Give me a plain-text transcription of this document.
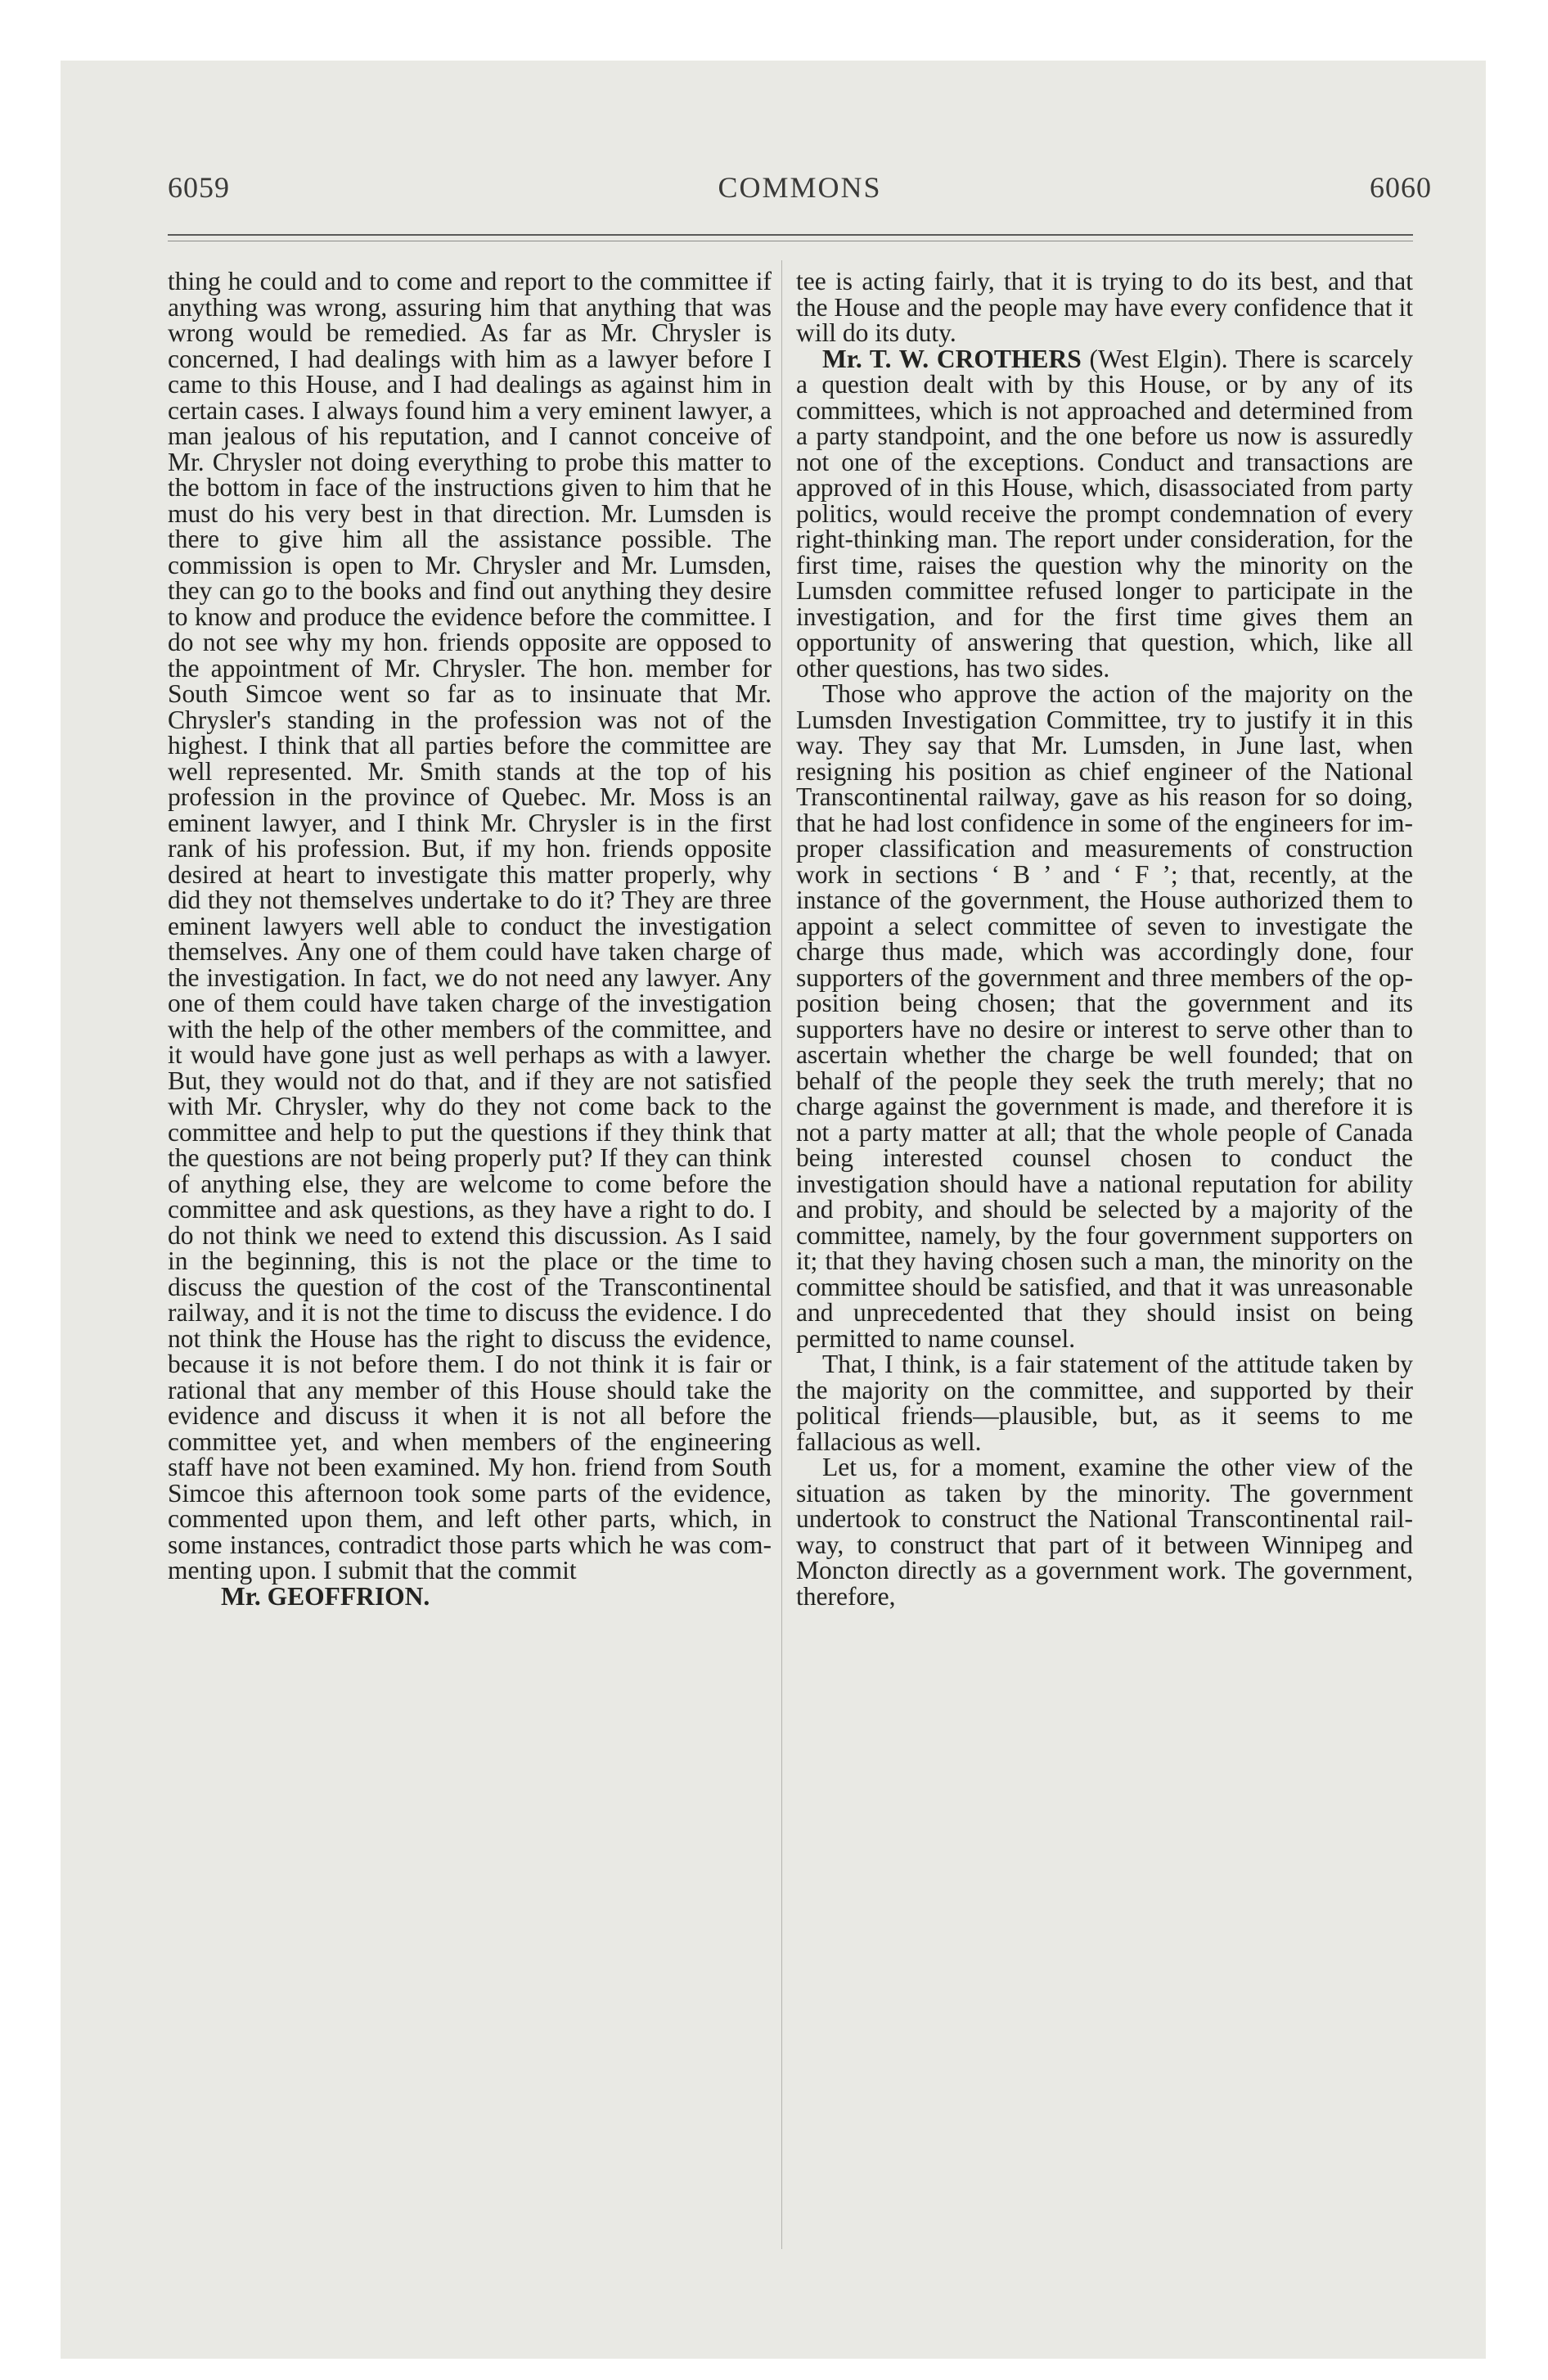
6059	COMMONS	6060

thing he could and to come and report to the committee if anything was wrong, assuring him that anything that was wrong would be remedied. As far as Mr. Chrysler is concerned, I had dealings with him as a lawyer before I came to this House, and I had dealings as against him in certain cases. I always found him a very eminent lawyer, a man jealous of his reputation, and I cannot conceive of Mr. Chrysler not doing everything to probe this matter to the bottom in face of the instructions given to him that he must do his very best in that direction. Mr. Lumsden is there to give him all the assistance possible. The commission is open to Mr. Chrysler and Mr. Lumsden, they can go to the books and find out anything they desire to know and produce the evidence before the committee. I do not see why my hon. friends opposite are opposed to the appointment of Mr. Chrysler. The hon. member for South Simcoe went so far as to insinuate that Mr. Chrysler's standing in the profession was not of the highest. I think that all parties before the committee are well represented. Mr. Smith stands at the top of his profession in the province of Quebec. Mr. Moss is an eminent lawyer, and I think Mr. Chrysler is in the first rank of his profession. But, if my hon. friends opposite desired at heart to investigate this matter properly, why did they not themselves undertake to do it? They are three eminent lawyers well able to conduct the investigation themselves. Any one of them could have taken charge of the investigation. In fact, we do not need any lawyer. Any one of them could have taken charge of the investigation with the help of the other members of the committee, and it would have gone just as well perhaps as with a lawyer. But, they would not do that, and if they are not satisfied with Mr. Chrysler, why do they not come back to the committee and help to put the questions if they think that the questions are not being properly put? If they can think of anything else, they are welcome to come before the committee and ask questions, as they have a right to do. I do not think we need to extend this discussion. As I said in the beginning, this is not the place or the time to discuss the question of the cost of the Transcontinental railway, and it is not the time to discuss the evidence. I do not think the House has the right to discuss the evidence, because it is not before them. I do not think it is fair or rational that any member of this House should take the evidence and discuss it when it is not all before the committee yet, and when members of the engineering staff have not been examined. My hon. friend from South Simcoe this afternoon took some parts of the evidence, commented upon them, and left other parts, which, in some instances, contradict those parts which he was commenting upon. I submit that the commit

Mr. GEOFFRION.

tee is acting fairly, that it is trying to do its best, and that the House and the people may have every confidence that it will do its duty.

Mr. T. W. CROTHERS (West Elgin). There is scarcely a question dealt with by this House, or by any of its committees, which is not approached and determined from a party standpoint, and the one before us now is assuredly not one of the exceptions. Conduct and transactions are approved of in this House, which, disassociated from party politics, would receive the prompt condemnation of every right-thinking man. The report under consideration, for the first time, raises the question why the minority on the Lumsden committee refused longer to participate in the investigation, and for the first time gives them an opportunity of answering that question, which, like all other questions, has two sides.

Those who approve the action of the majority on the Lumsden Investigation Committee, try to justify it in this way. They say that Mr. Lumsden, in June last, when resigning his position as chief engineer of the National Transcontinental railway, gave as his reason for so doing, that he had lost confidence in some of the engineers for improper classification and measurements of construction work in sections ‘ B ’ and ‘ F ’; that, recently, at the instance of the government, the House authorized them to appoint a select committee of seven to investigate the charge thus made, which was accordingly done, four supporters of the government and three members of the opposition being chosen; that the government and its supporters have no desire or interest to serve other than to ascertain whether the charge be well founded; that on behalf of the people they seek the truth merely; that no charge against the government is made, and therefore it is not a party matter at all; that the whole people of Canada being interested counsel chosen to conduct the investigation should have a national reputation for ability and probity, and should be selected by a majority of the committee, namely, by the four government supporters on it; that they having chosen such a man, the minority on the committee should be satisfied, and that it was unreasonable and unprecedented that they should insist on being permitted to name counsel.

That, I think, is a fair statement of the attitude taken by the majority on the committee, and supported by their political friends—plausible, but, as it seems to me fallacious as well.

Let us, for a moment, examine the other view of the situation as taken by the minority. The government undertook to construct the National Transcontinental railway, to construct that part of it between Winnipeg and Moncton directly as a government work. The government, therefore,
